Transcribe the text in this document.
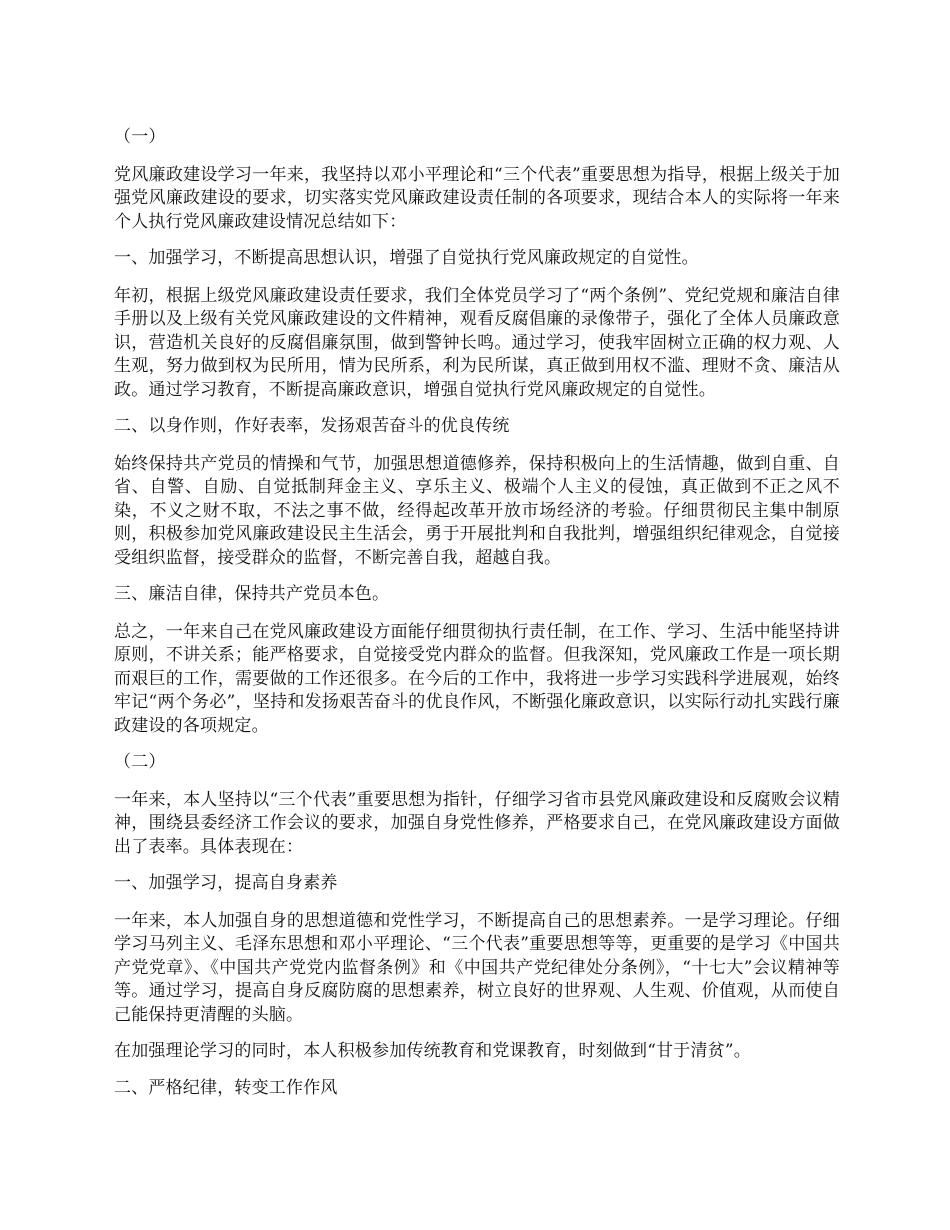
（一）

党风廉政建设学习一年来，我坚持以邓小平理论和“三个代表”重要思想为指导，根据上级关于加强党风廉政建设的要求，切实落实党风廉政建设责任制的各项要求，现结合本人的实际将一年来个人执行党风廉政建设情况总结如下：

一、加强学习，不断提高思想认识，增强了自觉执行党风廉政规定的自觉性。

年初，根据上级党风廉政建设责任要求，我们全体党员学习了“两个条例”、党纪党规和廉洁自律手册以及上级有关党风廉政建设的文件精神，观看反腐倡廉的录像带子，强化了全体人员廉政意识，营造机关良好的反腐倡廉氛围，做到警钟长鸣。通过学习，使我牢固树立正确的权力观、人生观，努力做到权为民所用，情为民所系，利为民所谋，真正做到用权不滥、理财不贪、廉洁从政。通过学习教育，不断提高廉政意识，增强自觉执行党风廉政规定的自觉性。

二、以身作则，作好表率，发扬艰苦奋斗的优良传统

始终保持共产党员的情操和气节，加强思想道德修养，保持积极向上的生活情趣，做到自重、自省、自警、自励、自觉抵制拜金主义、享乐主义、极端个人主义的侵蚀，真正做到不正之风不染，不义之财不取，不法之事不做，经得起改革开放市场经济的考验。仔细贯彻民主集中制原则，积极参加党风廉政建设民主生活会，勇于开展批判和自我批判，增强组织纪律观念，自觉接受组织监督，接受群众的监督，不断完善自我，超越自我。

三、廉洁自律，保持共产党员本色。

总之，一年来自己在党风廉政建设方面能仔细贯彻执行责任制，在工作、学习、生活中能坚持讲原则，不讲关系；能严格要求，自觉接受党内群众的监督。但我深知，党风廉政工作是一项长期而艰巨的工作，需要做的工作还很多。在今后的工作中，我将进一步学习实践科学进展观，始终牢记“两个务必”，坚持和发扬艰苦奋斗的优良作风，不断强化廉政意识，以实际行动扎实践行廉政建设的各项规定。

（二）

一年来，本人坚持以“三个代表”重要思想为指针，仔细学习省市县党风廉政建设和反腐败会议精神，围绕县委经济工作会议的要求，加强自身党性修养，严格要求自己，在党风廉政建设方面做出了表率。具体表现在：

一、加强学习，提高自身素养

一年来，本人加强自身的思想道德和党性学习，不断提高自己的思想素养。一是学习理论。仔细学习马列主义、毛泽东思想和邓小平理论、“三个代表”重要思想等等，更重要的是学习《中国共产党党章》、《中国共产党党内监督条例》和《中国共产党纪律处分条例》，“十七大”会议精神等等。通过学习，提高自身反腐防腐的思想素养，树立良好的世界观、人生观、价值观，从而使自己能保持更清醒的头脑。

在加强理论学习的同时，本人积极参加传统教育和党课教育，时刻做到“甘于清贫”。

二、严格纪律，转变工作作风
